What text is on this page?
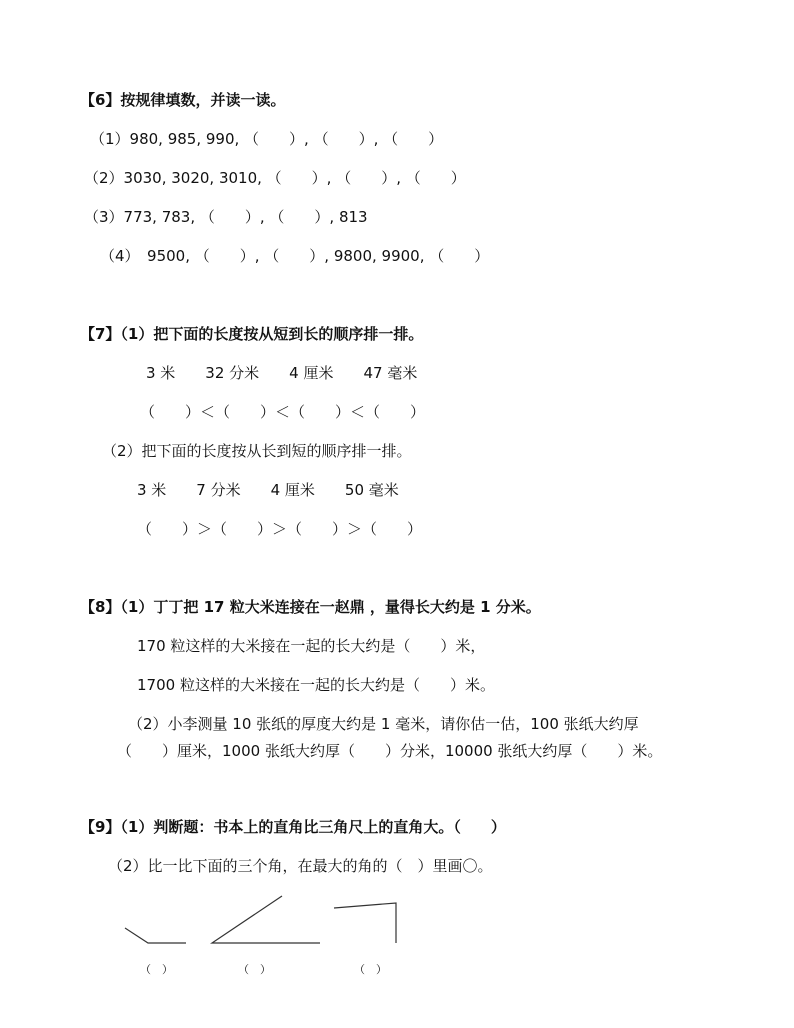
【6】按规律填数，并读一读。
（1）980, 985, 990, （　　）, （　　）, （　　）
（2）3030, 3020, 3010, （　　）, （　　）, （　　）
（3）773, 783, （　　）, （　　）, 813
（4）　9500, （　　）, （　　）, 9800, 9900, （　　）
【7】（1）把下面的长度按从短到长的顺序排一排。
3 米　　32 分米　　4 厘米　　47 毫米
（　　）＜（　　）＜（　　）＜（　　）
（2）把下面的长度按从长到短的顺序排一排。
3 米　　7 分米　　4 厘米　　50 毫米
（　　）＞（　　）＞（　　）＞（　　）
【8】（1）丁丁把 17 粒大米连接在一赵鼎 ，量得长大约是 1 分米。
170 粒这样的大米接在一起的长大约是（　　）米，
1700 粒这样的大米接在一起的长大约是（　　）米。
（2）小李测量 10 张纸的厚度大约是 1 毫米，请你估一估，100 张纸大约厚
（　　）厘米，1000 张纸大约厚（　　）分米，10000 张纸大约厚（　　）米。
【9】（1）判断题：书本上的直角比三角尺上的直角大。（　　）
（2）比一比下面的三个角，在最大的角的（　）里画〇。
（　）	（　）	（　）
